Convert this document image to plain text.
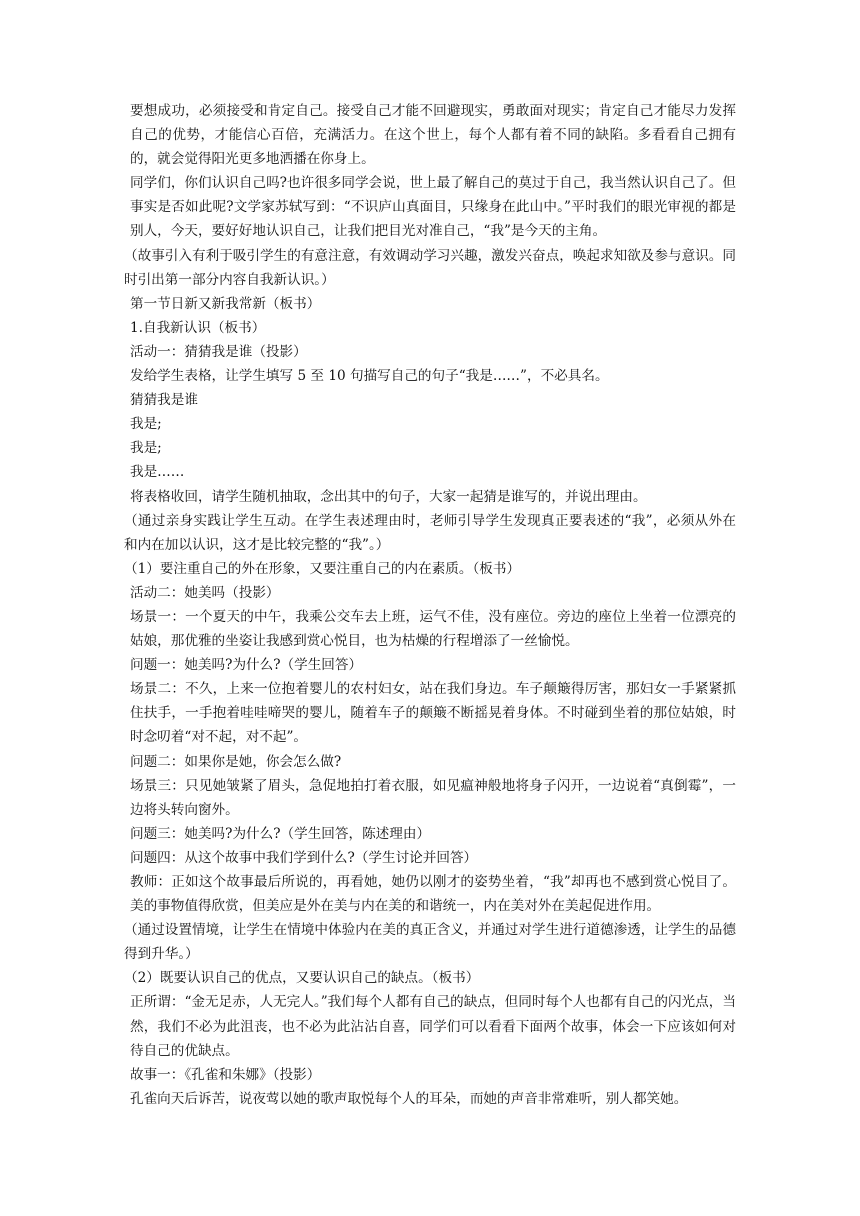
要想成功，必须接受和肯定自己。接受自己才能不回避现实，勇敢面对现实；肯定自己才能尽力发挥自己的优势，才能信心百倍，充满活力。在这个世上，每个人都有着不同的缺陷。多看看自己拥有的，就会觉得阳光更多地洒播在你身上。

同学们，你们认识自己吗?也许很多同学会说，世上最了解自己的莫过于自己，我当然认识自己了。但事实是否如此呢?文学家苏轼写到：“不识庐山真面目，只缘身在此山中。”平时我们的眼光审视的都是别人，今天，要好好地认识自己，让我们把目光对准自己，“我”是今天的主角。

（故事引入有利于吸引学生的有意注意，有效调动学习兴趣，激发兴奋点，唤起求知欲及参与意识。同时引出第一部分内容自我新认识。）

第一节日新又新我常新（板书）

1.自我新认识（板书）

活动一：猜猜我是谁（投影）

发给学生表格，让学生填写 5 至 10 句描写自己的句子“我是……”，不必具名。

猜猜我是谁

我是;

我是;

我是……

将表格收回，请学生随机抽取，念出其中的句子，大家一起猜是谁写的，并说出理由。

（通过亲身实践让学生互动。在学生表述理由时，老师引导学生发现真正要表述的“我”，必须从外在和内在加以认识，这才是比较完整的“我”。）

（1）要注重自己的外在形象，又要注重自己的内在素质。（板书）

活动二：她美吗（投影）

场景一：一个夏天的中午，我乘公交车去上班，运气不佳，没有座位。旁边的座位上坐着一位漂亮的姑娘，那优雅的坐姿让我感到赏心悦目，也为枯燥的行程增添了一丝愉悦。

问题一：她美吗?为什么?（学生回答）

场景二：不久，上来一位抱着婴儿的农村妇女，站在我们身边。车子颠簸得厉害，那妇女一手紧紧抓住扶手，一手抱着哇哇啼哭的婴儿，随着车子的颠簸不断摇晃着身体。不时碰到坐着的那位姑娘，时时念叨着“对不起，对不起”。

问题二：如果你是她，你会怎么做?

场景三：只见她皱紧了眉头，急促地拍打着衣服，如见瘟神般地将身子闪开，一边说着“真倒霉”，一边将头转向窗外。

问题三：她美吗?为什么?（学生回答，陈述理由）

问题四：从这个故事中我们学到什么?（学生讨论并回答）

教师：正如这个故事最后所说的，再看她，她仍以刚才的姿势坐着，“我”却再也不感到赏心悦目了。美的事物值得欣赏，但美应是外在美与内在美的和谐统一，内在美对外在美起促进作用。

（通过设置情境，让学生在情境中体验内在美的真正含义，并通过对学生进行道德渗透，让学生的品德得到升华。）

（2）既要认识自己的优点，又要认识自己的缺点。（板书）

正所谓：“金无足赤，人无完人。”我们每个人都有自己的缺点，但同时每个人也都有自己的闪光点，当然，我们不必为此沮丧，也不必为此沾沾自喜，同学们可以看看下面两个故事，体会一下应该如何对待自己的优缺点。

故事一：《孔雀和朱娜》（投影）

孔雀向天后诉苦，说夜莺以她的歌声取悦每个人的耳朵，而她的声音非常难听，别人都笑她。
